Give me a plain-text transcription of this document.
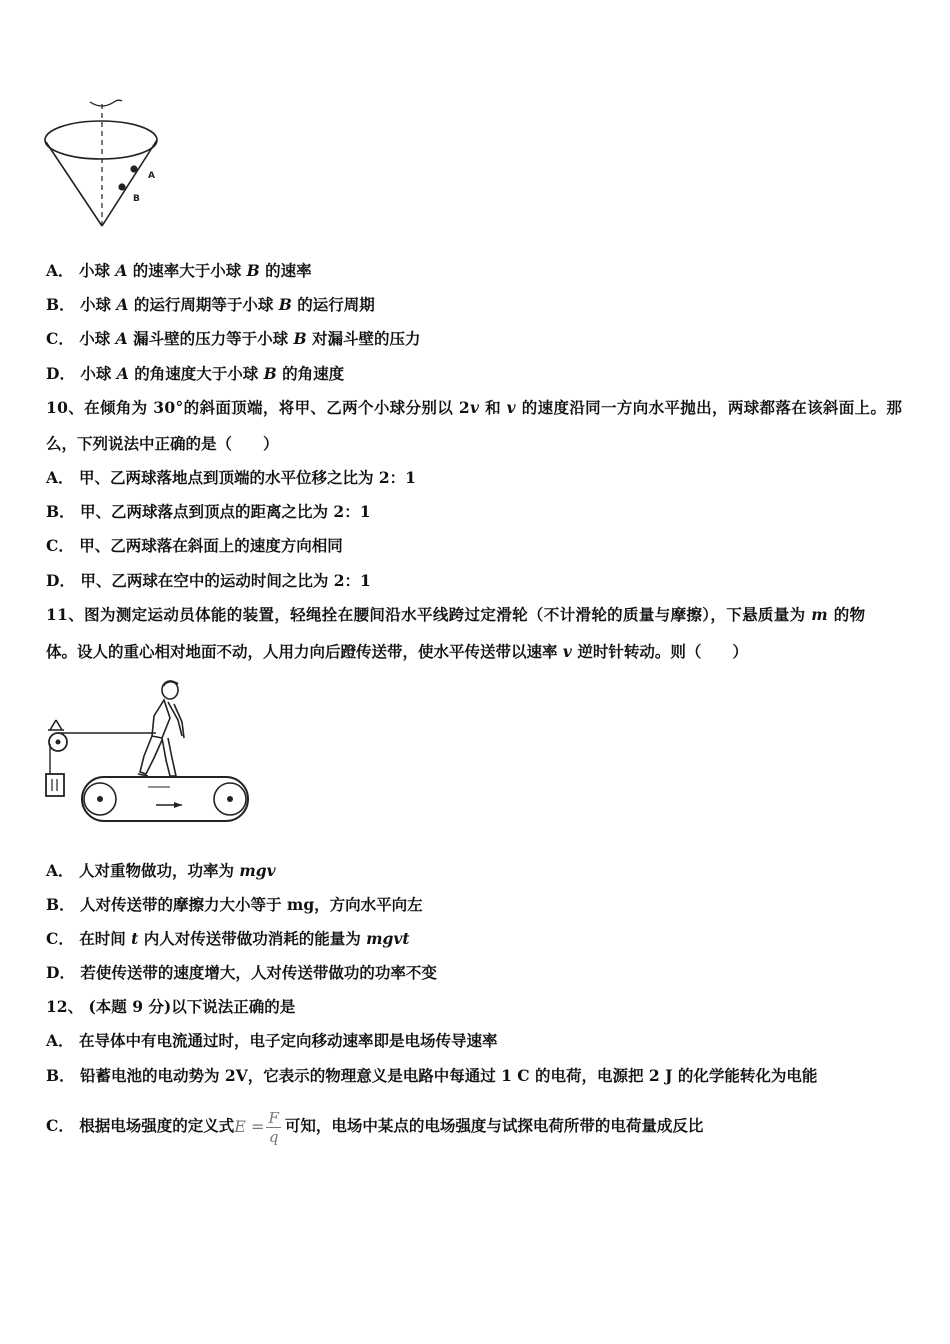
A
B
A． 小球 A 的速率大于小球 B 的速率
B． 小球 A 的运行周期等于小球 B 的运行周期
C． 小球 A 漏斗壁的压力等于小球 B 对漏斗壁的压力
D． 小球 A 的角速度大于小球 B 的角速度
10、在倾角为 30°的斜面顶端，将甲、乙两个小球分别以 2v 和 v 的速度沿同一方向水平抛出，两球都落在该斜面上。那
么，下列说法中正确的是（　　）
A． 甲、乙两球落地点到顶端的水平位移之比为 2：1
B． 甲、乙两球落点到顶点的距离之比为 2：1
C． 甲、乙两球落在斜面上的速度方向相同
D． 甲、乙两球在空中的运动时间之比为 2：1
11、图为测定运动员体能的装置，轻绳拴在腰间沿水平线跨过定滑轮（不计滑轮的质量与摩擦），下悬质量为 m 的物
体。设人的重心相对地面不动，人用力向后蹬传送带，使水平传送带以速率 v 逆时针转动。则（　　）
A． 人对重物做功，功率为 mgv
B． 人对传送带的摩擦力大小等于 mg，方向水平向左
C． 在时间 t 内人对传送带做功消耗的能量为 mgvt
D． 若使传送带的速度增大，人对传送带做功的功率不变
12、 (本题 9 分)以下说法正确的是
A． 在导体中有电流通过时，电子定向移动速率即是电场传导速率
B． 铅蓄电池的电动势为 2V，它表示的物理意义是电路中每通过 1 C 的电荷，电源把 2 J 的化学能转化为电能
C． 根据电场强度的定义式$E = \frac{F}{q}$ 可知，电场中某点的电场强度与试探电荷所带的电荷量成反比
